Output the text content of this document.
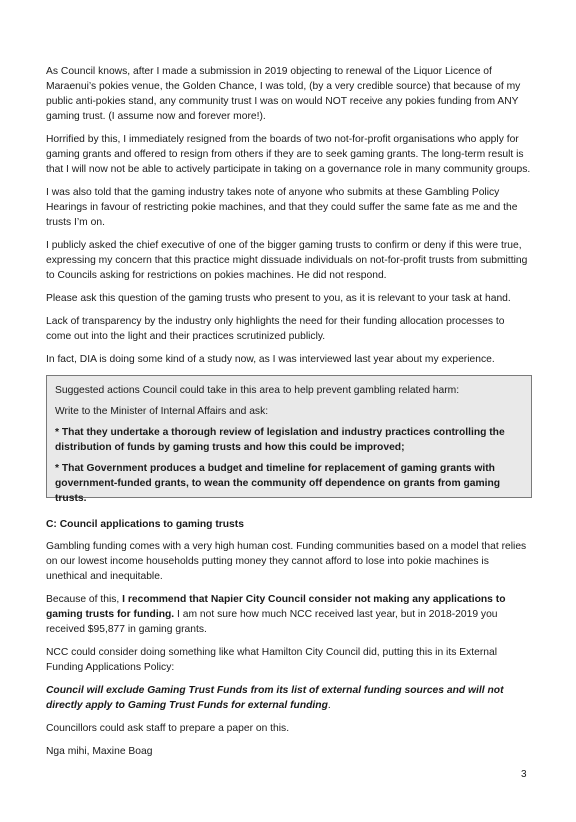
As Council knows, after I made a submission in 2019 objecting to renewal of the Liquor Licence of Maraenui’s pokies venue, the Golden Chance, I was told, (by a very credible source) that because of my public anti-pokies stand, any community trust I was on would NOT receive any pokies funding from ANY gaming trust. (I assume now and forever more!).

Horrified by this, I immediately resigned from the boards of two not-for-profit organisations who apply for gaming grants and offered to resign from others if they are to seek gaming grants. The long-term result is that I will now not be able to actively participate in taking on a governance role in many community groups.

I was also told that the gaming industry takes note of anyone who submits at these Gambling Policy Hearings in favour of restricting pokie machines, and that they could suffer the same fate as me and the trusts I’m on.

I publicly asked the chief executive of one of the bigger gaming trusts to confirm or deny if this were true, expressing my concern that this practice might dissuade individuals on not-for-profit trusts from submitting to Councils asking for restrictions on pokies machines. He did not respond.

Please ask this question of the gaming trusts who present to you, as it is relevant to your task at hand.

Lack of transparency by the industry only highlights the need for their funding allocation processes to come out into the light and their practices scrutinized publicly.

In fact, DIA is doing some kind of a study now, as I was interviewed last year about my experience.

Suggested actions Council could take in this area to help prevent gambling related harm:

Write to the Minister of Internal Affairs and ask:

* That they undertake a thorough review of legislation and industry practices controlling the distribution of funds by gaming trusts and how this could be improved;

* That Government produces a budget and timeline for replacement of gaming grants with government-funded grants, to wean the community off dependence on grants from gaming trusts.

C: Council applications to gaming trusts

Gambling funding comes with a very high human cost. Funding communities based on a model that relies on our lowest income households putting money they cannot afford to lose into pokie machines is unethical and inequitable.

Because of this, I recommend that Napier City Council consider not making any applications to gaming trusts for funding. I am not sure how much NCC received last year, but in 2018-2019 you received $95,877 in gaming grants.

NCC could consider doing something like what Hamilton City Council did, putting this in its External Funding Applications Policy:

Council will exclude Gaming Trust Funds from its list of external funding sources and will not directly apply to Gaming Trust Funds for external funding.

Councillors could ask staff to prepare a paper on this.

Nga mihi, Maxine Boag

3
